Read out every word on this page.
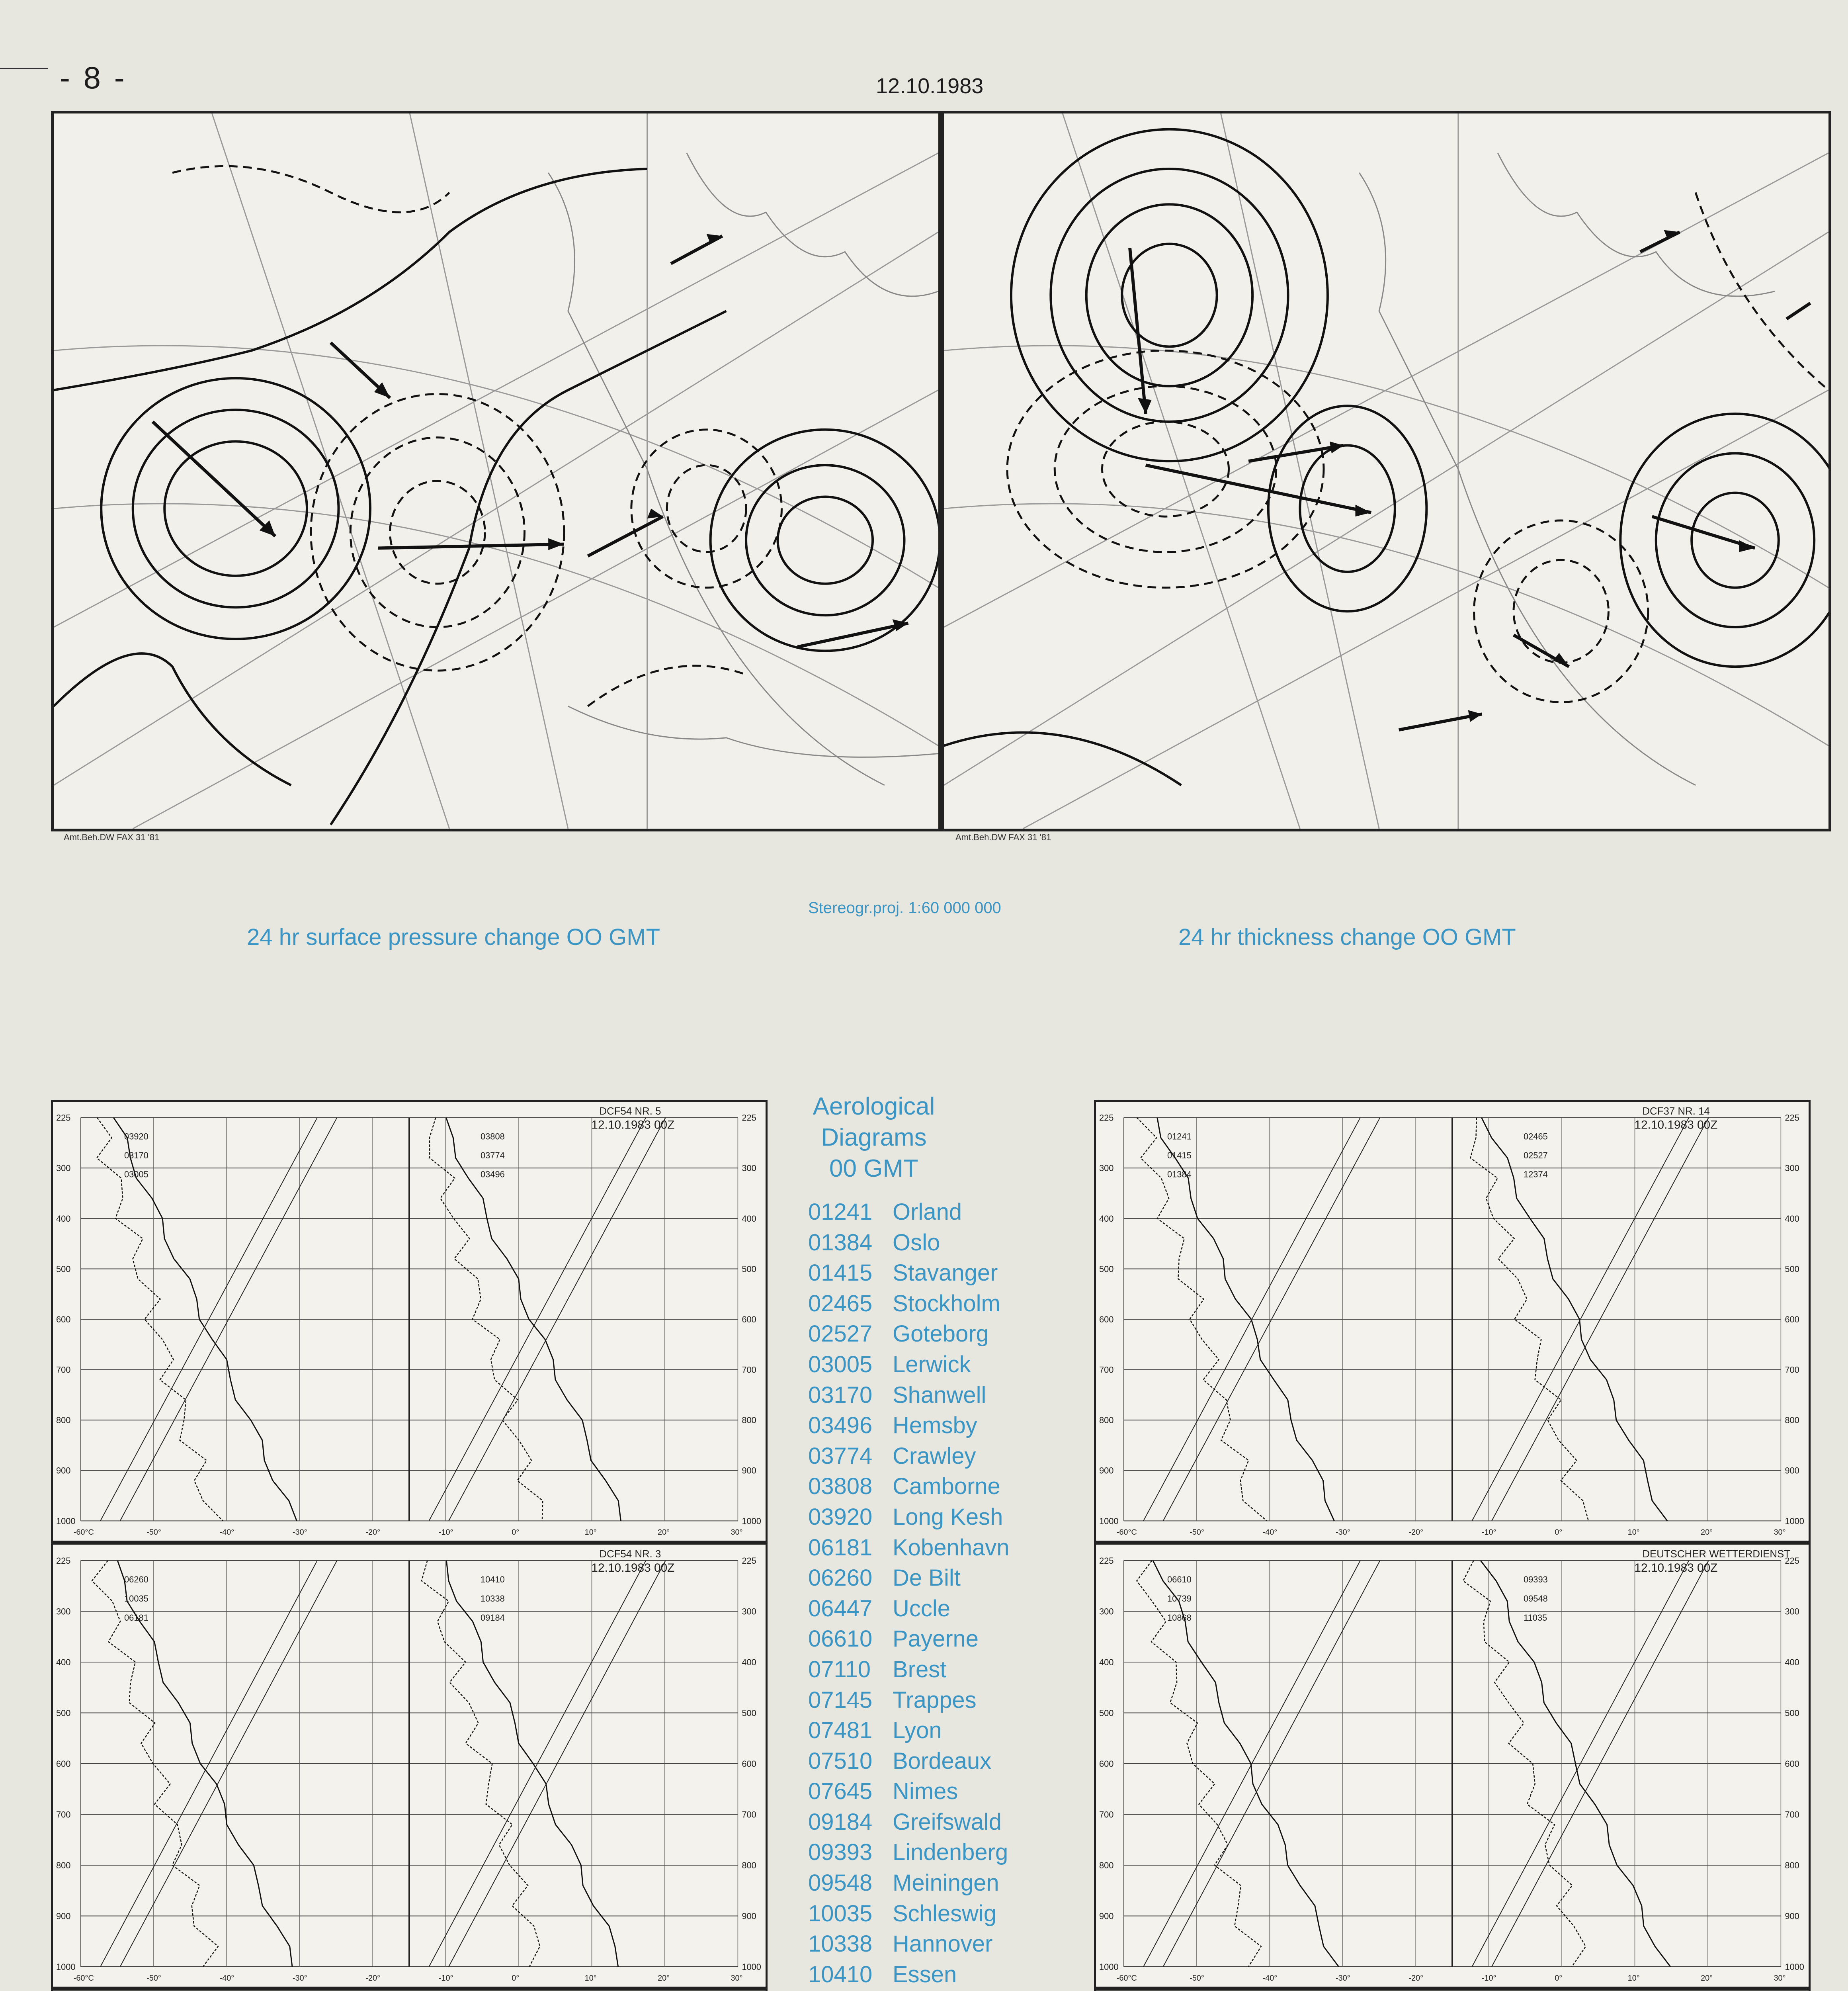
- 8 -	12.10.1983
Amt.Beh.DW FAX 31 '81	Amt.Beh.DW FAX 31 '81
24 hr surface pressure change OO GMT
Stereogr.proj. 1:60 000 000
24 hr thickness change OO GMT
225	225
300	300
400	400
500	500
600	600
700	700
800	800
900	900
1000	1000
-60°C	-50°	-40°	-30°	-20°	-10°	0°	10°	20°	30°
DCF54 NR. 5
12.10.1983 00Z
03920
03170
03005
03808
03774
03496
225	225
300	300
400	400
500	500
600	600
700	700
800	800
900	900
1000	1000
-60°C	-50°	-40°	-30°	-20°	-10°	0°	10°	20°	30°
DCF54 NR. 3
12.10.1983 00Z
06260
10035
06181
10410
10338
09184
225	225
300	300
400	400
500	500
600	600
700	700
800	800
900	900
1000	1000
-60°C	-50°	-40°	-30°	-20°	-10°	0°	10°	20°	30°
DCF37 NR. 14
12.10.1983 00Z
01241
01415
01384
02465
02527
12374
225	225
300	300
400	400
500	500
600	600
700	700
800	800
900	900
1000	1000
-60°C	-50°	-40°	-30°	-20°	-10°	0°	10°	20°	30°
DEUTSCHER WETTERDIENST
12.10.1983 00Z
06610
10739
10868
09393
09548
11035
Aerological
Diagrams
00 GMT
01241 Orland
01384 Oslo
01415 Stavanger
02465 Stockholm
02527 Goteborg
03005 Lerwick
03170 Shanwell
03496 Hemsby
03774 Crawley
03808 Camborne
03920 Long Kesh
06181 Kobenhavn
06260 De Bilt
06447 Uccle
06610 Payerne
07110 Brest
07145 Trappes
07481 Lyon
07510 Bordeaux
07645 Nimes
09184 Greifswald
09393 Lindenberg
09548 Meiningen
10035 Schleswig
10338 Hannover
10410 Essen
